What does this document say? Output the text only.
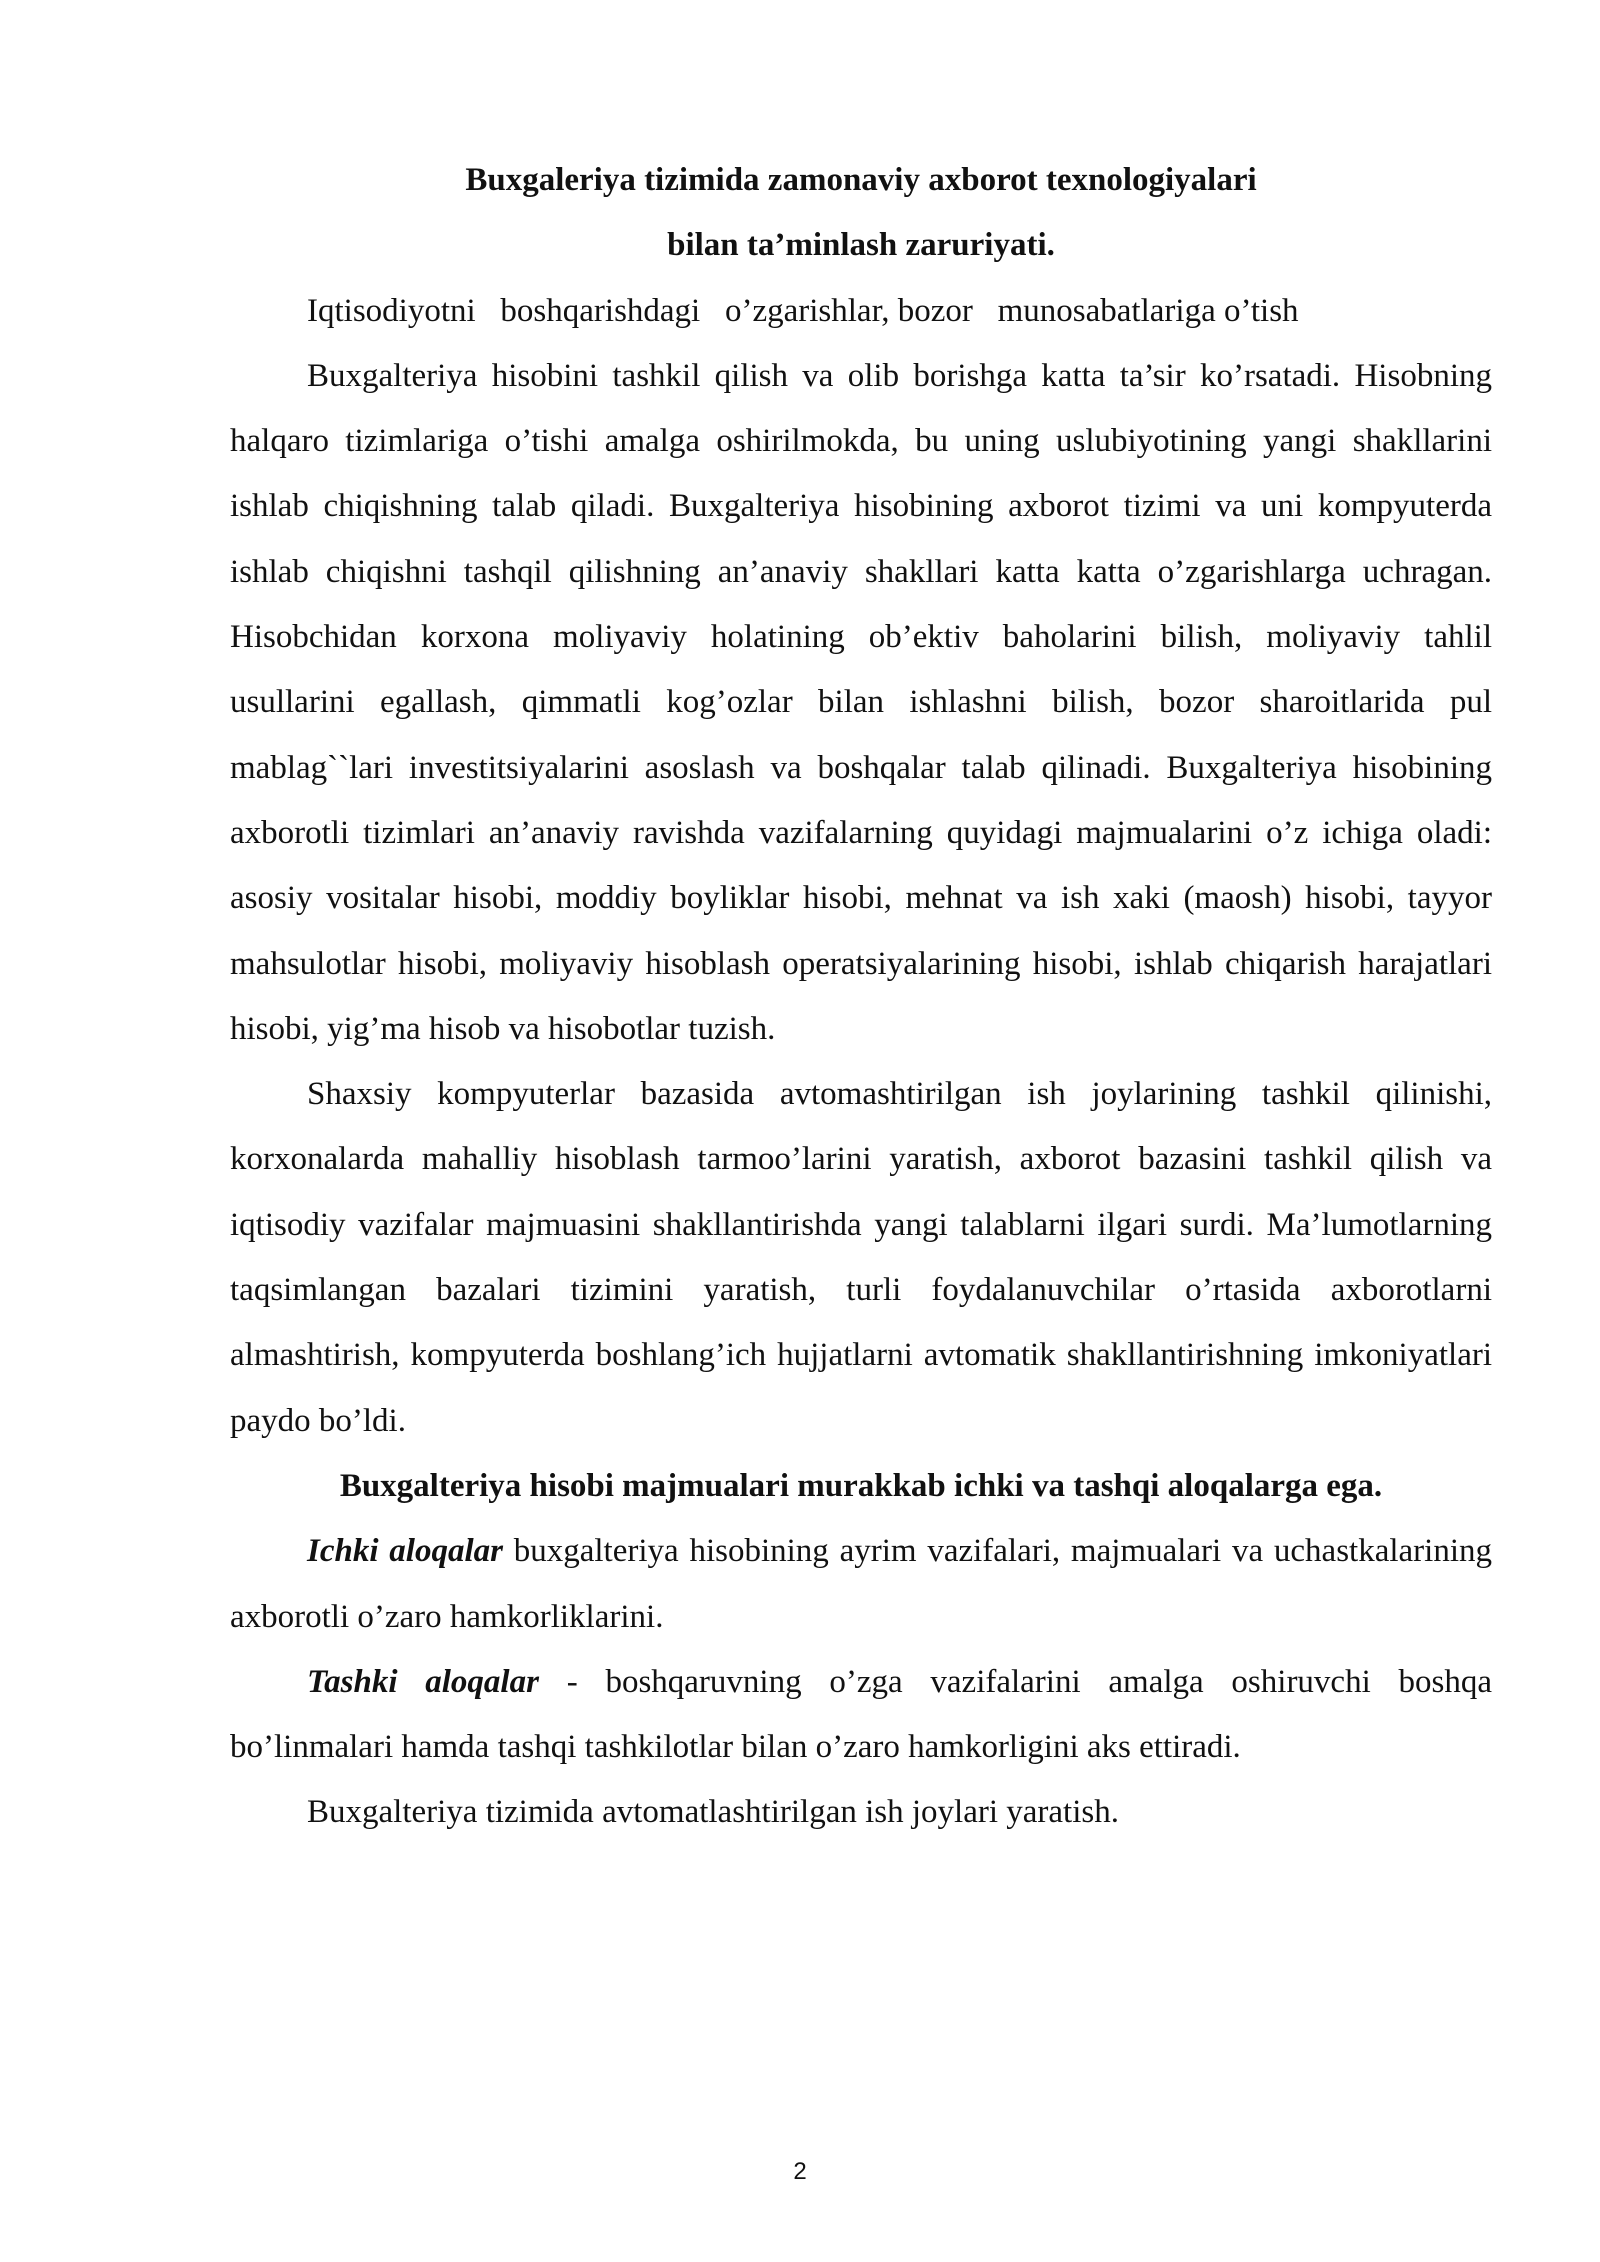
Buxgaleriya tizimida zamonaviy axborot texnologiyalari

bilan ta’minlash zaruriyati.

Iqtisodiyotni   boshqarishdagi   o’zgarishlar, bozor   munosabatlariga o’tish

Buxgalteriya hisobini tashkil qilish va olib borishga katta ta’sir ko’rsatadi. Hisobning halqaro tizimlariga o’tishi amalga oshirilmokda, bu uning uslubiyotining yangi shakllarini ishlab chiqishning talab qiladi. Buxgalteriya hisobining axborot tizimi va uni kompyuterda ishlab chiqishni tashqil qilishning an’anaviy shakllari katta katta o’zgarishlarga uchragan. Hisobchidan korxona moliyaviy holatining ob’ektiv baholarini bilish, moliyaviy tahlil usullarini egallash, qimmatli kog’ozlar bilan ishlashni bilish, bozor sharoitlarida pul mablag``lari investitsiyalarini asoslash va boshqalar talab qilinadi. Buxgalteriya hisobining axborotli tizimlari an’anaviy ravishda vazifalarning quyidagi majmualarini o’z ichiga oladi: asosiy vositalar hisobi, moddiy boyliklar hisobi, mehnat va ish xaki (maosh) hisobi, tayyor mahsulotlar hisobi, moliyaviy hisoblash operatsiyalarining hisobi, ishlab chiqarish harajatlari hisobi, yig’ma hisob va hisobotlar tuzish.

Shaxsiy kompyuterlar bazasida avtomashtirilgan ish joylarining tashkil qilinishi, korxonalarda mahalliy hisoblash tarmoo’larini yaratish, axborot bazasini tashkil qilish va iqtisodiy vazifalar majmuasini shakllantirishda yangi talablarni ilgari surdi. Ma’lumotlarning taqsimlangan bazalari tizimini yaratish, turli foydalanuvchilar o’rtasida axborotlarni almashtirish, kompyuterda boshlang’ich hujjatlarni avtomatik shakllantirishning imkoniyatlari paydo bo’ldi.

Buxgalteriya hisobi majmualari murakkab ichki va tashqi aloqalarga ega.

Ichki aloqalar buxgalteriya hisobining ayrim vazifalari, majmualari va uchastkalarining axborotli o’zaro hamkorliklarini.

Tashki aloqalar - boshqaruvning o’zga vazifalarini amalga oshiruvchi boshqa bo’linmalari hamda tashqi tashkilotlar bilan o’zaro hamkorligini aks ettiradi.

Buxgalteriya tizimida avtomatlashtirilgan ish joylari yaratish.

2
